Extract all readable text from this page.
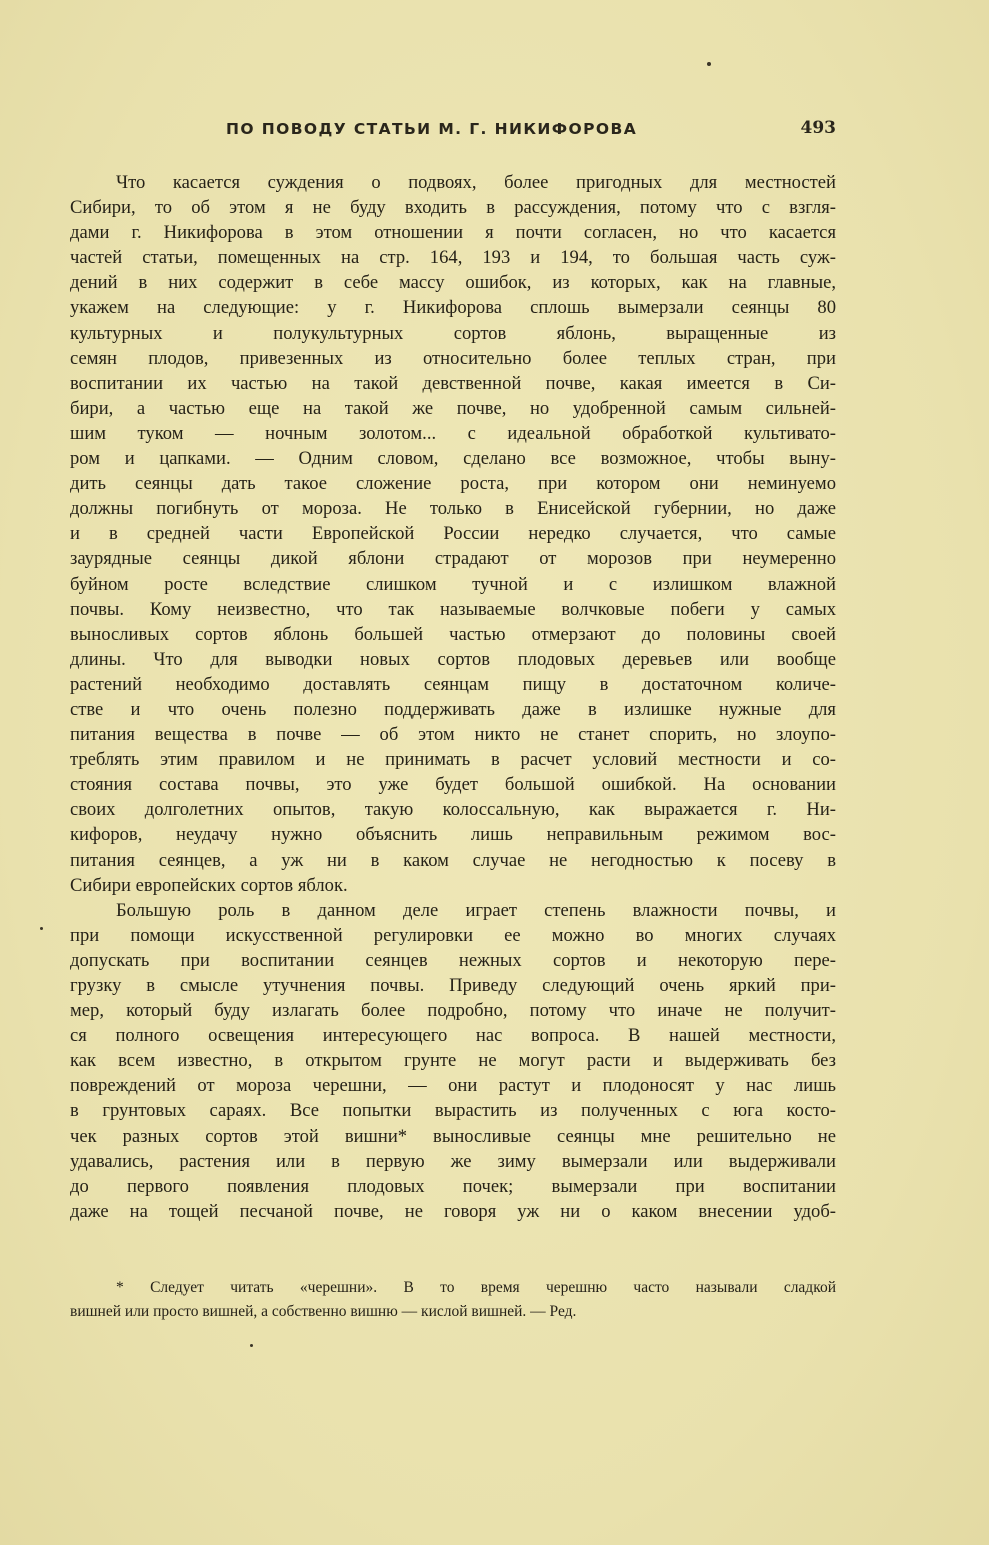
ПО ПОВОДУ СТАТЬИ М. Г. НИКИФОРОВА	493
Что касается суждения о подвоях, более пригодных для местностей
Сибири, то об этом я не буду входить в рассуждения, потому что с взгля-
дами г. Никифорова в этом отношении я почти согласен, но что касается
частей статьи, помещенных на стр. 164, 193 и 194, то большая часть суж-
дений в них содержит в себе массу ошибок, из которых, как на главные,
укажем на следующие: у г. Никифорова сплошь вымерзали сеянцы 80
культурных и полукультурных сортов яблонь, выращенные из
семян плодов, привезенных из относительно более теплых стран, при
воспитании их частью на такой девственной почве, какая имеется в Си-
бири, а частью еще на такой же почве, но удобренной самым сильней-
шим туком — ночным золотом... с идеальной обработкой культивато-
ром и цапками. — Одним словом, сделано все возможное, чтобы выну-
дить сеянцы дать такое сложение роста, при котором они неминуемо
должны погибнуть от мороза. Не только в Енисейской губернии, но даже
и в средней части Европейской России нередко случается, что самые
заурядные сеянцы дикой яблони страдают от морозов при неумеренно
буйном росте вследствие слишком тучной и с излишком влажной
почвы. Кому неизвестно, что так называемые волчковые побеги у самых
выносливых сортов яблонь большей частью отмерзают до половины своей
длины. Что для выводки новых сортов плодовых деревьев или вообще
растений необходимо доставлять сеянцам пищу в достаточном количе-
стве и что очень полезно поддерживать даже в излишке нужные для
питания вещества в почве — об этом никто не станет спорить, но злоупо-
треблять этим правилом и не принимать в расчет условий местности и со-
стояния состава почвы, это уже будет большой ошибкой. На основании
своих долголетних опытов, такую колоссальную, как выражается г. Ни-
кифоров, неудачу нужно объяснить лишь неправильным режимом вос-
питания сеянцев, а уж ни в каком случае не негодностью к посеву в
Сибири европейских сортов яблок.
Большую роль в данном деле играет степень влажности почвы, и
при помощи искусственной регулировки ее можно во многих случаях
допускать при воспитании сеянцев нежных сортов и некоторую пере-
грузку в смысле утучнения почвы. Приведу следующий очень яркий при-
мер, который буду излагать более подробно, потому что иначе не получит-
ся полного освещения интересующего нас вопроса. В нашей местности,
как всем известно, в открытом грунте не могут расти и выдерживать без
повреждений от мороза черешни, — они растут и плодоносят у нас лишь
в грунтовых сараях. Все попытки вырастить из полученных с юга косто-
чек разных сортов этой вишни* выносливые сеянцы мне решительно не
удавались, растения или в первую же зиму вымерзали или выдерживали
до первого появления плодовых почек; вымерзали при воспитании
даже на тощей песчаной почве, не говоря уж ни о каком внесении удоб-
* Следует читать «черешни». В то время черешню часто называли сладкой
вишней или просто вишней, а собственно вишню — кислой вишней. — Ред.
